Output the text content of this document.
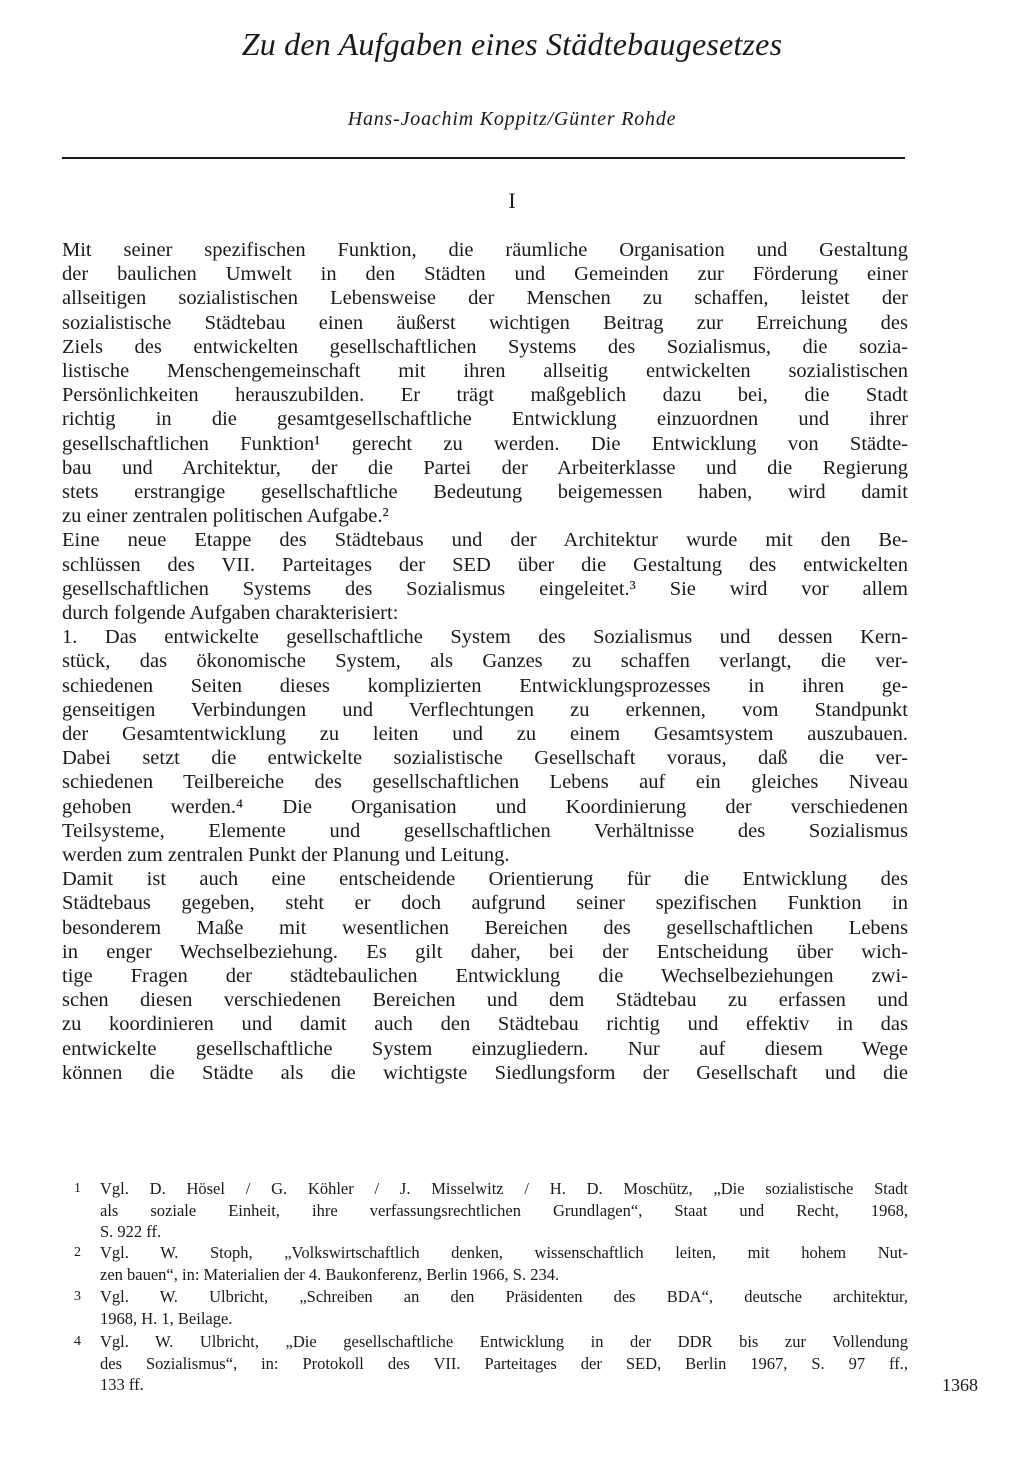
Zu den Aufgaben eines Städtebaugesetzes
Hans-Joachim Koppitz/Günter Rohde
I
Mit seiner spezifischen Funktion, die räumliche Organisation und Gestaltung
der baulichen Umwelt in den Städten und Gemeinden zur Förderung einer
allseitigen sozialistischen Lebensweise der Menschen zu schaffen, leistet der
sozialistische Städtebau einen äußerst wichtigen Beitrag zur Erreichung des
Ziels des entwickelten gesellschaftlichen Systems des Sozialismus, die sozia-
listische Menschengemeinschaft mit ihren allseitig entwickelten sozialistischen
Persönlichkeiten herauszubilden. Er trägt maßgeblich dazu bei, die Stadt
richtig in die gesamtgesellschaftliche Entwicklung einzuordnen und ihrer
gesellschaftlichen Funktion¹ gerecht zu werden. Die Entwicklung von Städte-
bau und Architektur, der die Partei der Arbeiterklasse und die Regierung
stets erstrangige gesellschaftliche Bedeutung beigemessen haben, wird damit
zu einer zentralen politischen Aufgabe.²
Eine neue Etappe des Städtebaus und der Architektur wurde mit den Be-
schlüssen des VII. Parteitages der SED über die Gestaltung des entwickelten
gesellschaftlichen Systems des Sozialismus eingeleitet.³ Sie wird vor allem
durch folgende Aufgaben charakterisiert:
1. Das entwickelte gesellschaftliche System des Sozialismus und dessen Kern-
stück, das ökonomische System, als Ganzes zu schaffen verlangt, die ver-
schiedenen Seiten dieses komplizierten Entwicklungsprozesses in ihren ge-
genseitigen Verbindungen und Verflechtungen zu erkennen, vom Standpunkt
der Gesamtentwicklung zu leiten und zu einem Gesamtsystem auszubauen.
Dabei setzt die entwickelte sozialistische Gesellschaft voraus, daß die ver-
schiedenen Teilbereiche des gesellschaftlichen Lebens auf ein gleiches Niveau
gehoben werden.⁴ Die Organisation und Koordinierung der verschiedenen
Teilsysteme, Elemente und gesellschaftlichen Verhältnisse des Sozialismus
werden zum zentralen Punkt der Planung und Leitung.
Damit ist auch eine entscheidende Orientierung für die Entwicklung des
Städtebaus gegeben, steht er doch aufgrund seiner spezifischen Funktion in
besonderem Maße mit wesentlichen Bereichen des gesellschaftlichen Lebens
in enger Wechselbeziehung. Es gilt daher, bei der Entscheidung über wich-
tige Fragen der städtebaulichen Entwicklung die Wechselbeziehungen zwi-
schen diesen verschiedenen Bereichen und dem Städtebau zu erfassen und
zu koordinieren und damit auch den Städtebau richtig und effektiv in das
entwickelte gesellschaftliche System einzugliedern. Nur auf diesem Wege
können die Städte als die wichtigste Siedlungsform der Gesellschaft und die
1 Vgl. D. Hösel / G. Köhler / J. Misselwitz / H. D. Moschütz, „Die sozialistische Stadt
als soziale Einheit, ihre verfassungsrechtlichen Grundlagen“, Staat und Recht, 1968,
S. 922 ff.
2 Vgl. W. Stoph, „Volkswirtschaftlich denken, wissenschaftlich leiten, mit hohem Nut-
zen bauen“, in: Materialien der 4. Baukonferenz, Berlin 1966, S. 234.
3 Vgl. W. Ulbricht, „Schreiben an den Präsidenten des BDA“, deutsche architektur,
1968, H. 1, Beilage.
4 Vgl. W. Ulbricht, „Die gesellschaftliche Entwicklung in der DDR bis zur Vollendung
des Sozialismus“, in: Protokoll des VII. Parteitages der SED, Berlin 1967, S. 97 ff.,
133 ff.	1368
